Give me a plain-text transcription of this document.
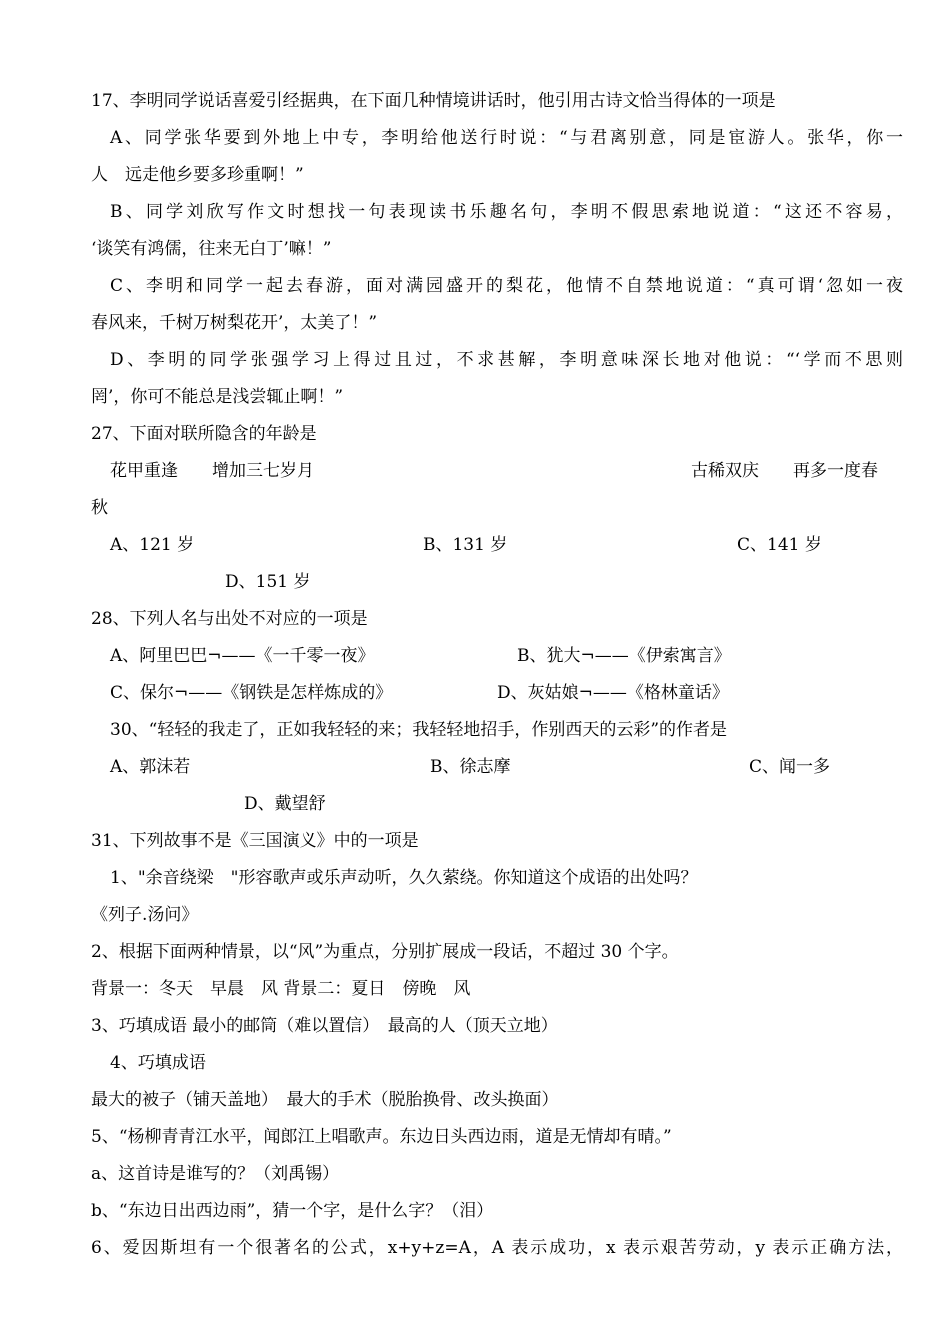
17、李明同学说话喜爱引经据典，在下面几种情境讲话时，他引用古诗文恰当得体的一项是
A、同学张华要到外地上中专，李明给他送行时说：“与君离别意，同是宦游人。张华，你一
人　远走他乡要多珍重啊！”
B、同学刘欣写作文时想找一句表现读书乐趣名句，李明不假思索地说道：“这还不容易，
‘谈笑有鸿儒，往来无白丁’嘛！”
C、李明和同学一起去春游，面对满园盛开的梨花，他情不自禁地说道：“真可谓‘忽如一夜
春风来，千树万树梨花开’，太美了！”
D、李明的同学张强学习上得过且过，不求甚解，李明意味深长地对他说：“‘学而不思则
罔’，你可不能总是浅尝辄止啊！”
27、下面对联所隐含的年龄是
花甲重逢　　增加三七岁月	古稀双庆　　再多一度春
秋
A、121 岁	B、131 岁	C、141 岁
D、151 岁
28、下列人名与出处不对应的一项是
A、阿里巴巴¬——《一千零一夜》	B、犹大¬——《伊索寓言》
C、保尔¬——《钢铁是怎样炼成的》	D、灰姑娘¬——《格林童话》
30、“轻轻的我走了，正如我轻轻的来；我轻轻地招手，作别西天的云彩”的作者是
A、郭沫若	B、徐志摩	C、闻一多
D、戴望舒
31、下列故事不是《三国演义》中的一项是
1、"余音绕梁　"形容歌声或乐声动听，久久萦绕。你知道这个成语的出处吗？
《列子.汤问》
2、根据下面两种情景，以“风”为重点，分别扩展成一段话，不超过 30 个字。
背景一：冬天　早晨　风 背景二：夏日　傍晚　风
3、巧填成语 最小的邮筒（难以置信）　最高的人（顶天立地）
4、巧填成语
最大的被子（铺天盖地）　最大的手术（脱胎换骨、改头换面）
5、“杨柳青青江水平，闻郎江上唱歌声。东边日头西边雨，道是无情却有晴。”
a、这首诗是谁写的？（刘禹锡）
b、“东边日出西边雨”，猜一个字，是什么字？（泪）
6、爱因斯坦有一个很著名的公式，x+y+z=A，A 表示成功，x 表示艰苦劳动，y 表示正确方法，
